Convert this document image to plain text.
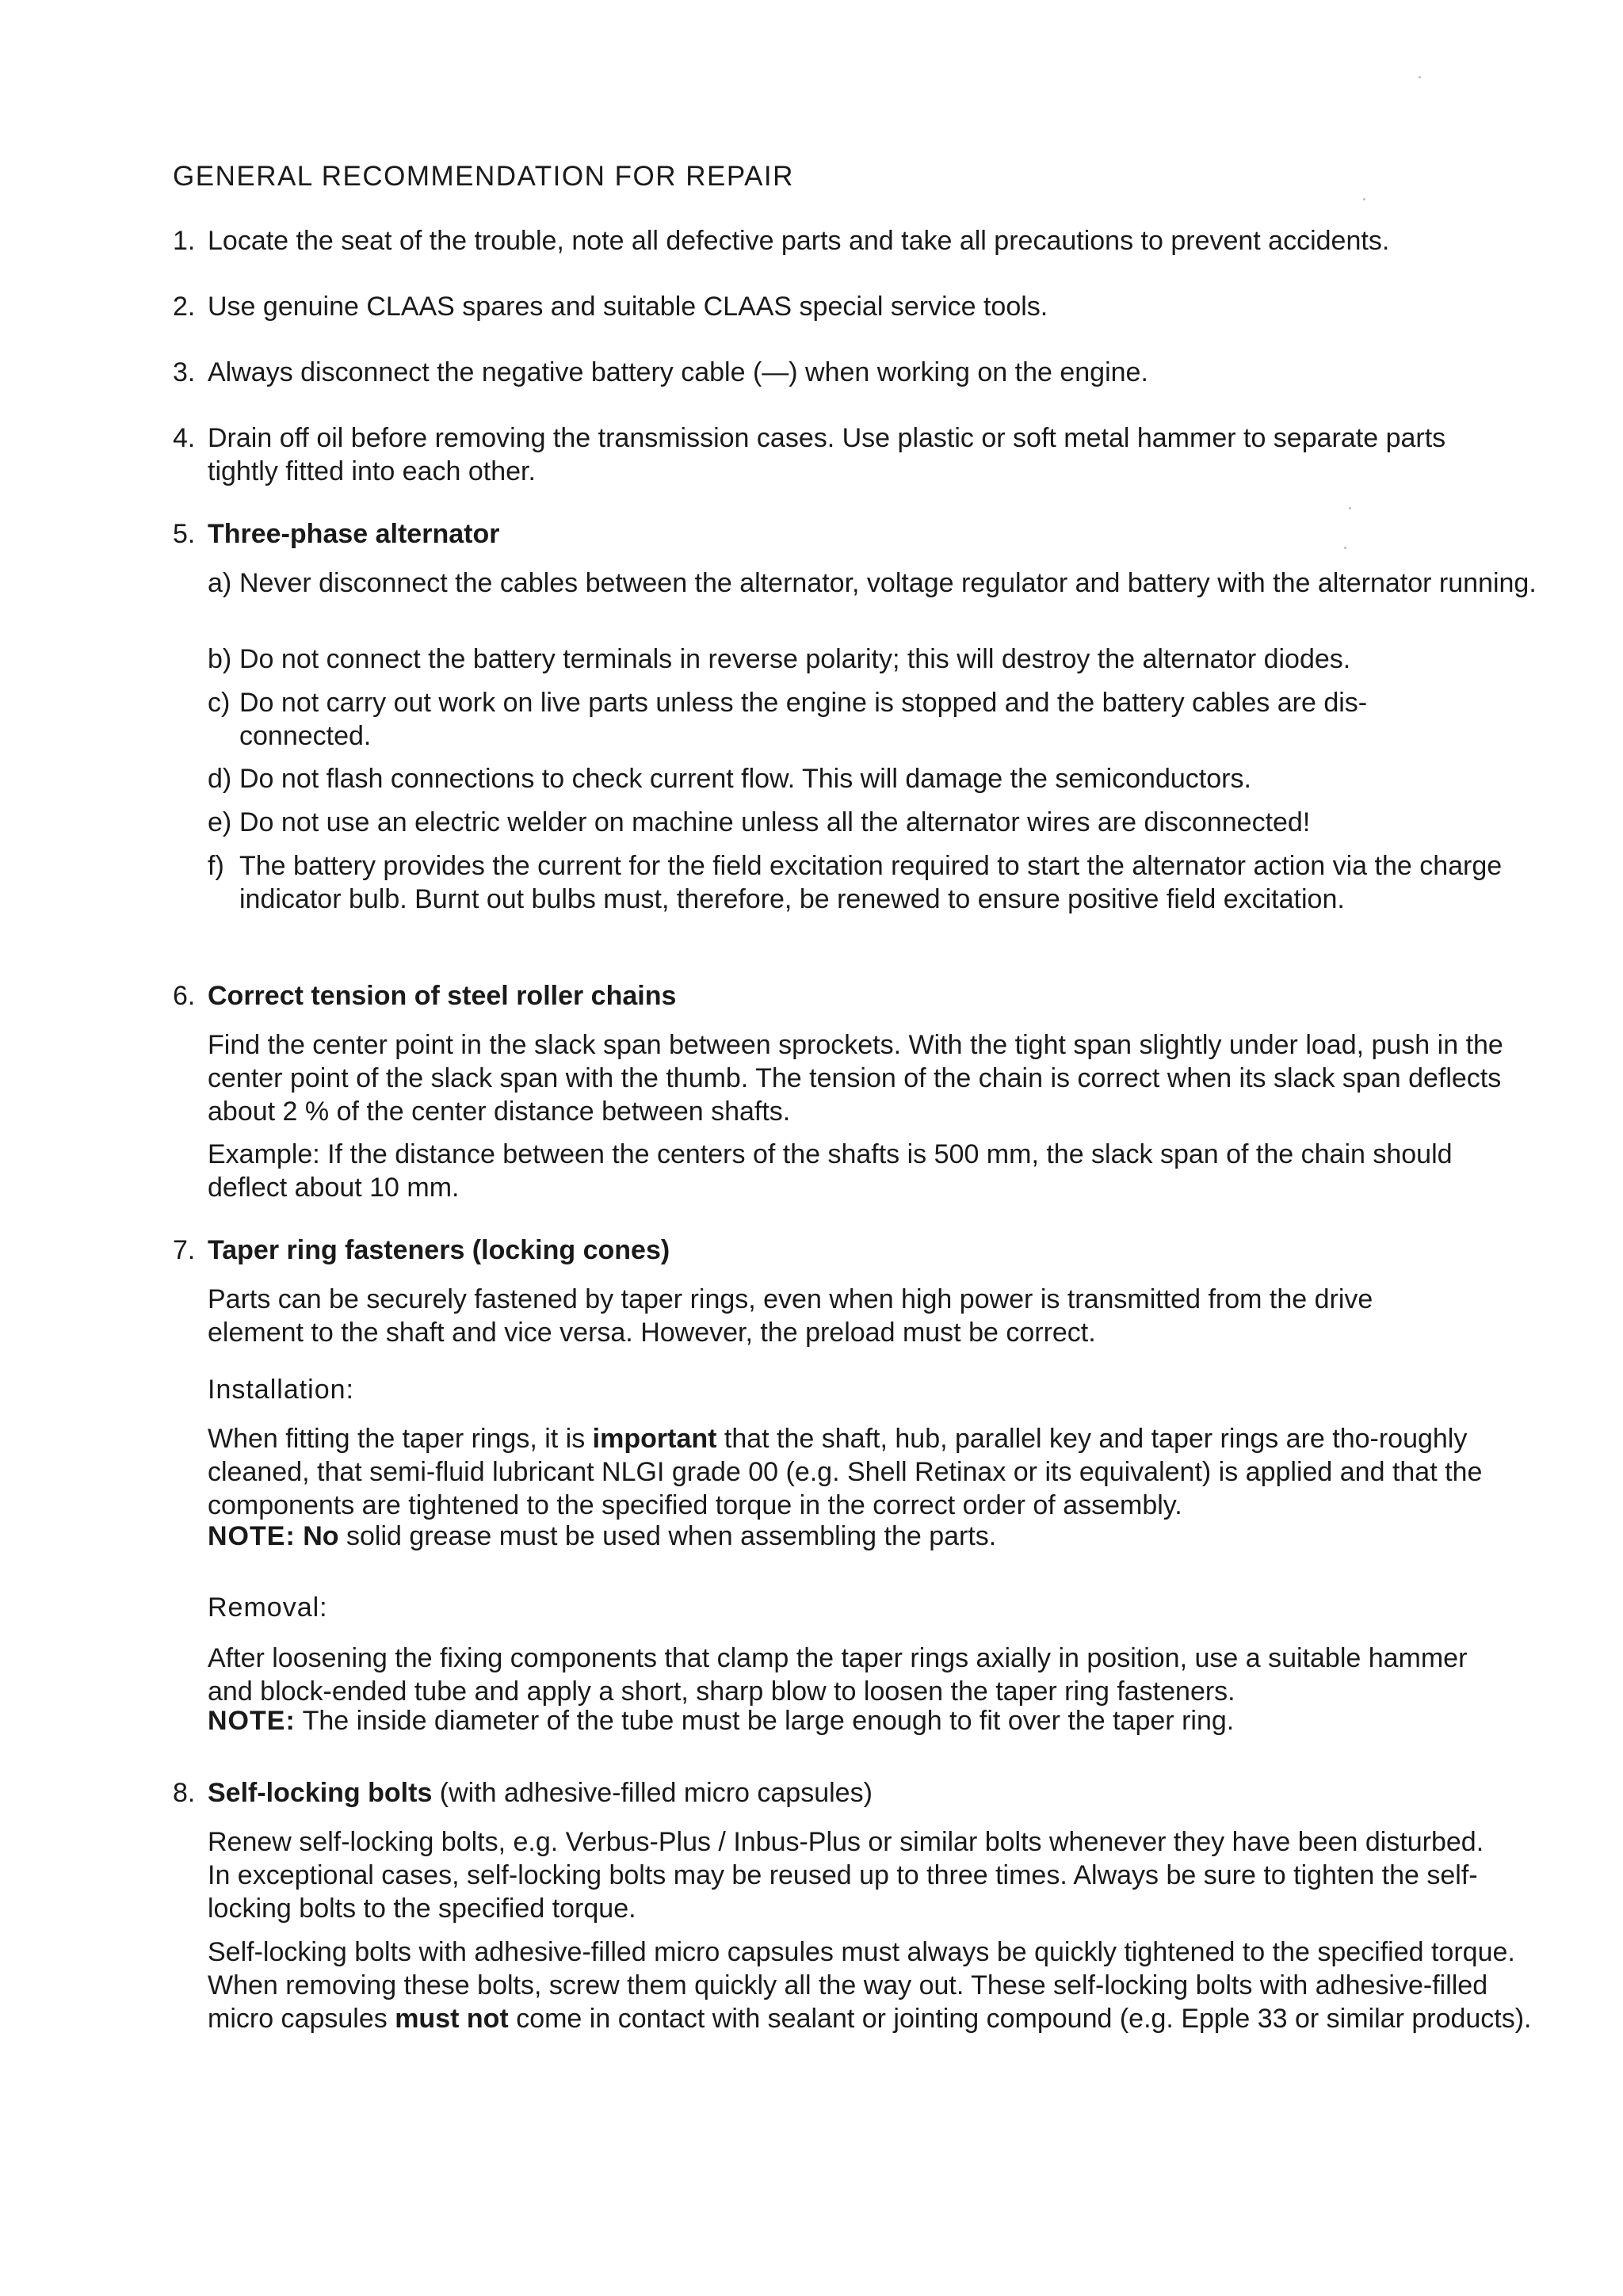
GENERAL RECOMMENDATION FOR REPAIR
1. Locate the seat of the trouble, note all defective parts and take all precautions to prevent accidents.
2. Use genuine CLAAS spares and suitable CLAAS special service tools.
3. Always disconnect the negative battery cable (—) when working on the engine.
4. Drain off oil before removing the transmission cases. Use plastic or soft metal hammer to separate parts tightly fitted into each other.
5. Three-phase alternator
a) Never disconnect the cables between the alternator, voltage regulator and battery with the alternator running.
b) Do not connect the battery terminals in reverse polarity; this will destroy the alternator diodes.
c) Do not carry out work on live parts unless the engine is stopped and the battery cables are dis-connected.
d) Do not flash connections to check current flow. This will damage the semiconductors.
e) Do not use an electric welder on machine unless all the alternator wires are disconnected!
f) The battery provides the current for the field excitation required to start the alternator action via the charge indicator bulb. Burnt out bulbs must, therefore, be renewed to ensure positive field excitation.
6. Correct tension of steel roller chains
Find the center point in the slack span between sprockets. With the tight span slightly under load, push in the center point of the slack span with the thumb. The tension of the chain is correct when its slack span deflects about 2 % of the center distance between shafts.
Example: If the distance between the centers of the shafts is 500 mm, the slack span of the chain should deflect about 10 mm.
7. Taper ring fasteners (locking cones)
Parts can be securely fastened by taper rings, even when high power is transmitted from the drive element to the shaft and vice versa. However, the preload must be correct.
Installation:
When fitting the taper rings, it is important that the shaft, hub, parallel key and taper rings are tho-roughly cleaned, that semi-fluid lubricant NLGI grade 00 (e.g. Shell Retinax or its equivalent) is applied and that the components are tightened to the specified torque in the correct order of assembly.
NOTE: No solid grease must be used when assembling the parts.
Removal:
After loosening the fixing components that clamp the taper rings axially in position, use a suitable hammer and block-ended tube and apply a short, sharp blow to loosen the taper ring fasteners.
NOTE: The inside diameter of the tube must be large enough to fit over the taper ring.
8. Self-locking bolts (with adhesive-filled micro capsules)
Renew self-locking bolts, e.g. Verbus-Plus / Inbus-Plus or similar bolts whenever they have been disturbed. In exceptional cases, self-locking bolts may be reused up to three times. Always be sure to tighten the self-locking bolts to the specified torque.
Self-locking bolts with adhesive-filled micro capsules must always be quickly tightened to the specified torque. When removing these bolts, screw them quickly all the way out. These self-locking bolts with adhesive-filled micro capsules must not come in contact with sealant or jointing compound (e.g. Epple 33 or similar products).
